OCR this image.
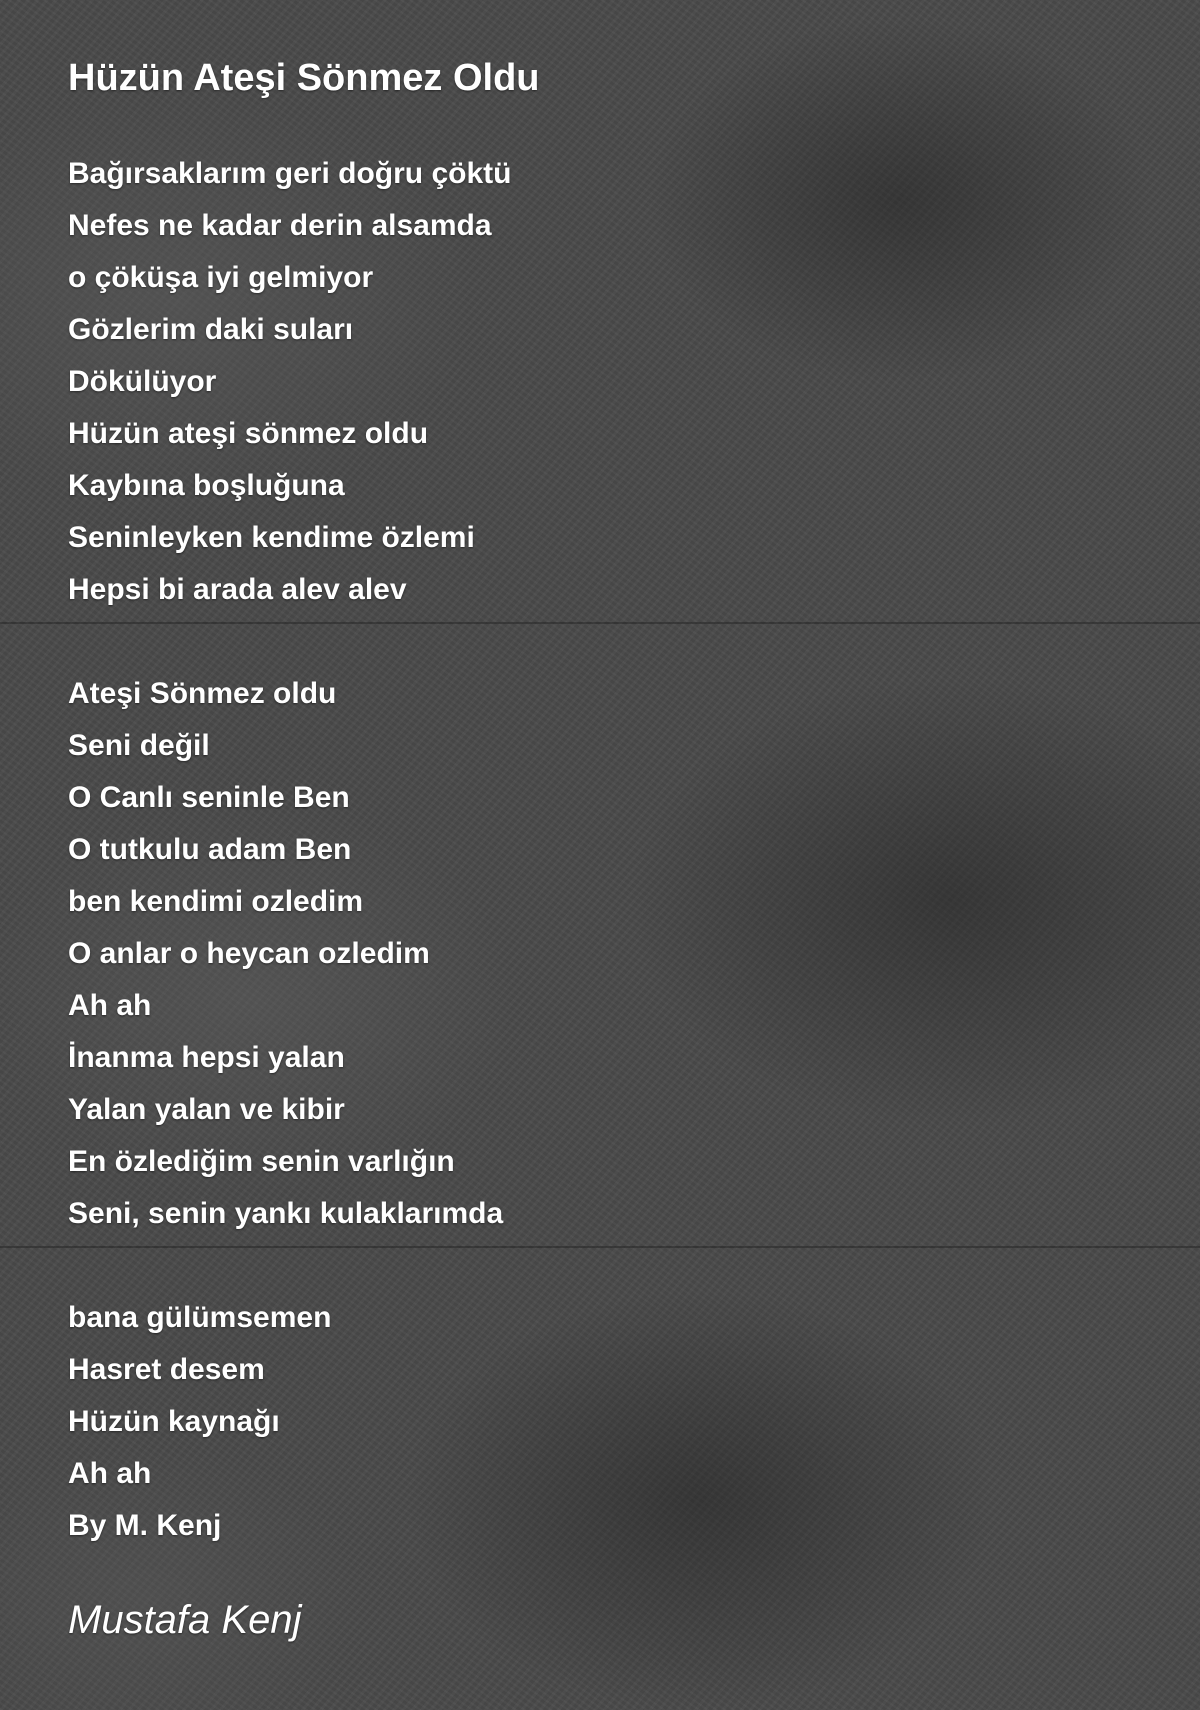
Hüzün Ateşi Sönmez Oldu
Bağırsaklarım geri doğru çöktü
Nefes ne kadar derin alsamda
o çöküşa iyi gelmiyor
Gözlerim daki suları
Dökülüyor
Hüzün ateşi sönmez oldu
Kaybına boşluğuna
Seninleyken kendime özlemi
Hepsi bi arada alev alev
Ateşi Sönmez oldu
Seni değil
O Canlı seninle Ben
O tutkulu adam Ben
ben kendimi ozledim
O anlar o heycan ozledim
Ah ah
İnanma hepsi yalan
Yalan yalan ve kibir
En özlediğim senin varlığın
Seni, senin yankı kulaklarımda
bana gülümsemen
Hasret desem
Hüzün kaynağı
Ah ah
By M. Kenj
Mustafa Kenj
